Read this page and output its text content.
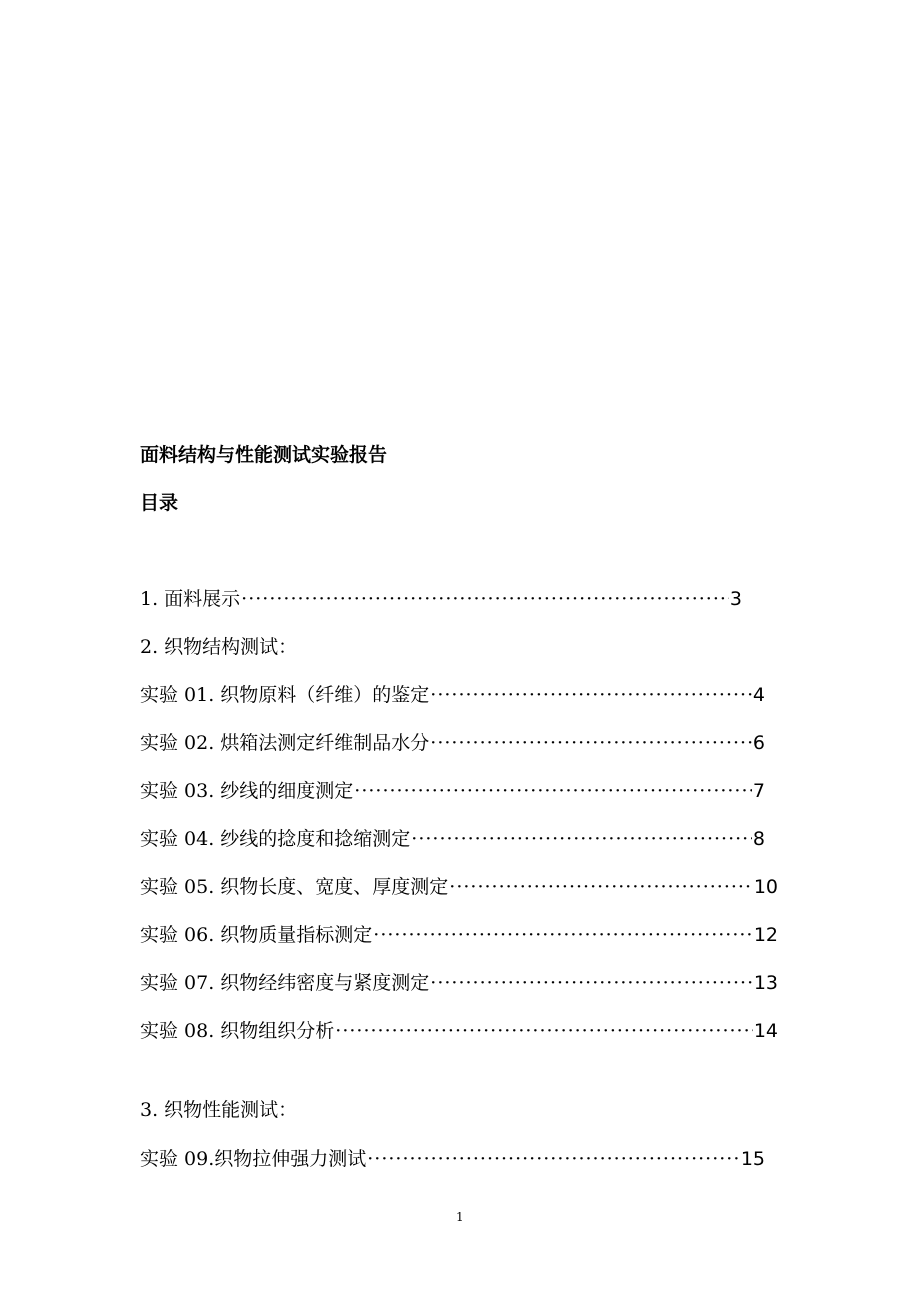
面料结构与性能测试实验报告
目录
1. 面料展示 ·····	3
2. 织物结构测试：
实验 01. 织物原料（纤维）的鉴定 ·····	4
实验 02. 烘箱法测定纤维制品水分 ·····	6
实验 03. 纱线的细度测定 ·····	7
实验 04. 纱线的捻度和捻缩测定 ·····	8
实验 05. 织物长度、宽度、厚度测定 ·····	10
实验 06. 织物质量指标测定 ·····	12
实验 07. 织物经纬密度与紧度测定 ·····	13
实验 08. 织物组织分析 ·····	14
3. 织物性能测试：
实验 09.织物拉伸强力测试 ·····	15
1
